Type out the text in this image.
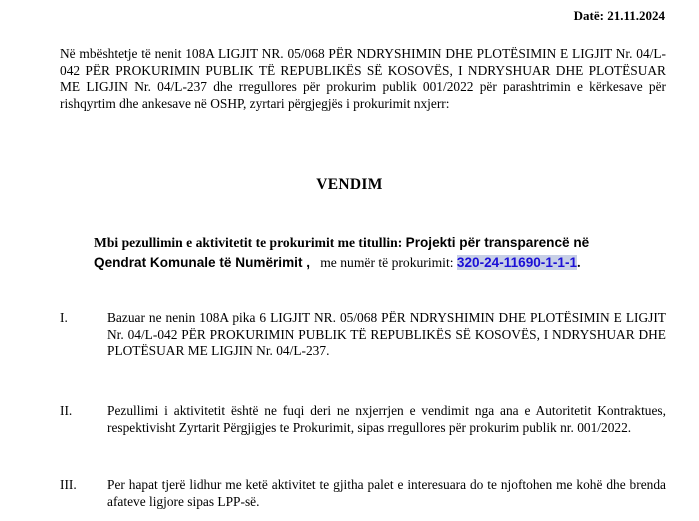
Datë: 21.11.2024
Në mbështetje të nenit 108A LIGJIT NR. 05/068 PËR NDRYSHIMIN DHE PLOTËSIMIN E LIGJIT Nr. 04/L-042 PËR PROKURIMIN PUBLIK TË REPUBLIKËS SË KOSOVËS, I NDRYSHUAR DHE PLOTËSUAR ME LIGJIN Nr. 04/L-237 dhe rregullores për prokurim publik 001/2022 për parashtrimin e kërkesave për rishqyrtim dhe ankesave në OSHP, zyrtari përgjegjës i prokurimit nxjerr:
VENDIM
Mbi pezullimin e aktivitetit te prokurimit me titullin: Projekti për transparencë në
Qendrat Komunale të Numërimit , me numër të prokurimit: 320-24-11690-1-1-1.
I.	Bazuar ne nenin 108A pika 6 LIGJIT NR. 05/068 PËR NDRYSHIMIN DHE PLOTËSIMIN E LIGJIT Nr. 04/L-042 PËR PROKURIMIN PUBLIK TË REPUBLIKËS SË KOSOVËS, I NDRYSHUAR DHE PLOTËSUAR ME LIGJIN Nr. 04/L-237.
II.	Pezullimi i aktivitetit është ne fuqi deri ne nxjerrjen e vendimit nga ana e Autoritetit Kontraktues, respektivisht Zyrtarit Përgjigjes te Prokurimit, sipas rregullores për prokurim publik nr. 001/2022.
III.	Per hapat tjerë lidhur me ketë aktivitet te gjitha palet e interesuara do te njoftohen me kohë dhe brenda afateve ligjore sipas LPP-së.
